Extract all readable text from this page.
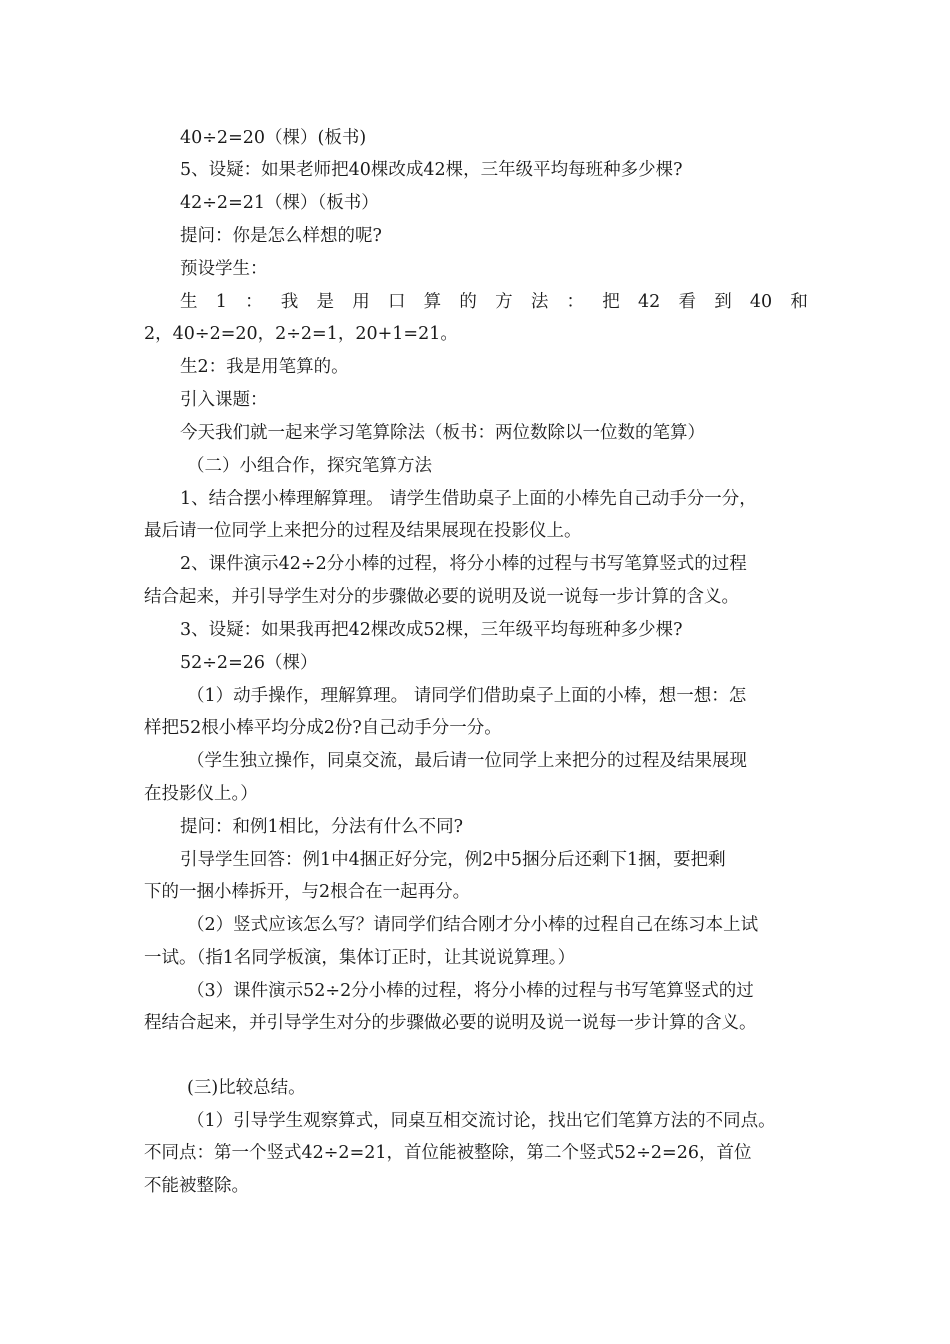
40÷2=20（棵）(板书)
5、设疑：如果老师把40棵改成42棵，三年级平均每班种多少棵?
42÷2=21（棵）（板书）
提问：你是怎么样想的呢?
预设学生：
生 1 ： 我 是 用 口 算 的 方 法 ： 把 42 看 到 40 和
2，40÷2=20，2÷2=1，20+1=21。
生2：我是用笔算的。
引入课题：
今天我们就一起来学习笔算除法（板书：两位数除以一位数的笔算）
（二）小组合作，探究笔算方法
1、结合摆小棒理解算理。 请学生借助桌子上面的小棒先自己动手分一分，
最后请一位同学上来把分的过程及结果展现在投影仪上。
2、课件演示42÷2分小棒的过程，将分小棒的过程与书写笔算竖式的过程
结合起来，并引导学生对分的步骤做必要的说明及说一说每一步计算的含义。
3、设疑：如果我再把42棵改成52棵，三年级平均每班种多少棵?
52÷2=26（棵）
（1）动手操作，理解算理。 请同学们借助桌子上面的小棒，想一想：怎
样把52根小棒平均分成2份?自己动手分一分。
（学生独立操作，同桌交流，最后请一位同学上来把分的过程及结果展现
在投影仪上。）
提问：和例1相比，分法有什么不同?
引导学生回答：例1中4捆正好分完，例2中5捆分后还剩下1捆，要把剩
下的一捆小棒拆开，与2根合在一起再分。
（2）竖式应该怎么写？请同学们结合刚才分小棒的过程自己在练习本上试
一试。（指1名同学板演，集体订正时，让其说说算理。）
（3）课件演示52÷2分小棒的过程，将分小棒的过程与书写笔算竖式的过
程结合起来，并引导学生对分的步骤做必要的说明及说一说每一步计算的含义。
(三)比较总结。
（1）引导学生观察算式，同桌互相交流讨论，找出它们笔算方法的不同点。
不同点：第一个竖式42÷2=21，首位能被整除，第二个竖式52÷2=26，首位
不能被整除。
